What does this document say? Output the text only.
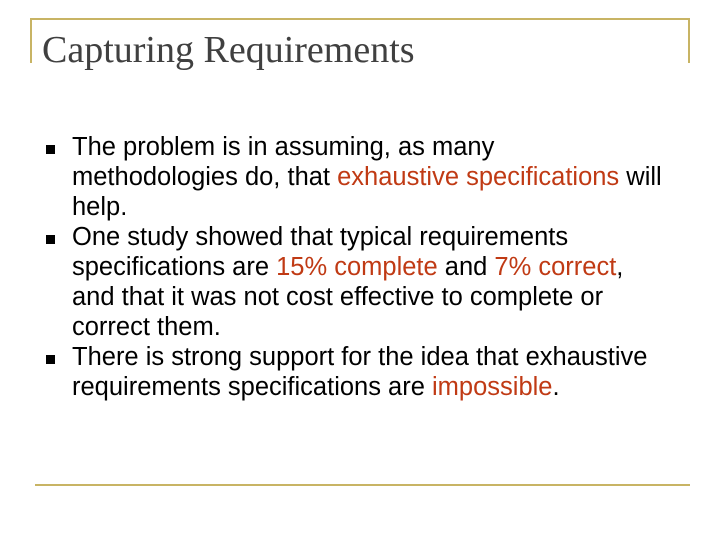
Capturing Requirements
The problem is in assuming, as many methodologies do, that exhaustive specifications will help.
One study showed that typical requirements specifications are 15% complete and 7% correct, and that it was not cost effective to complete or correct them.
There is strong support for the idea that exhaustive requirements specifications are impossible.
